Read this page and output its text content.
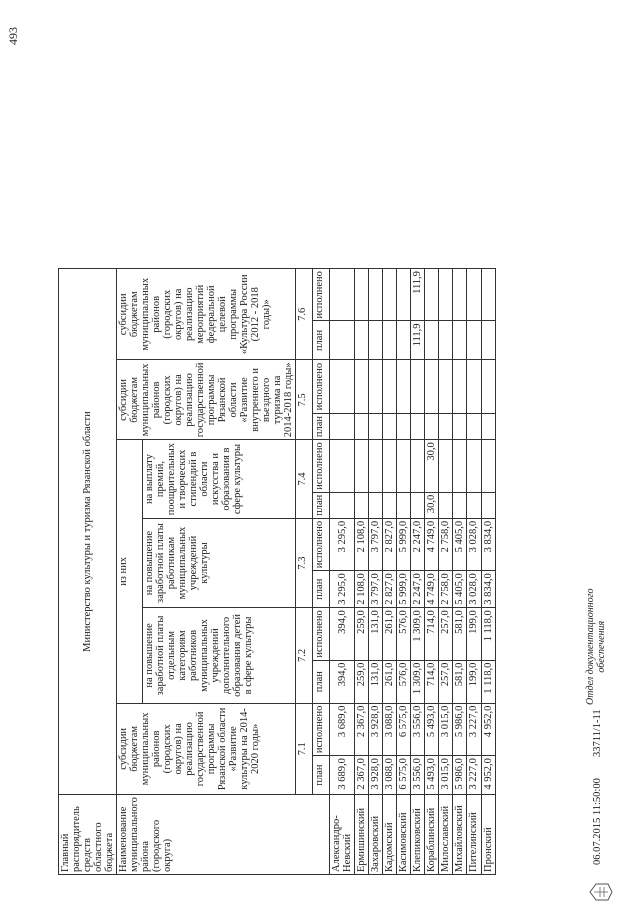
493
Главный распорядитель средств областного бюджета	Министерство культуры и туризма Рязанской области											
Наименование муниципального района (городского округа)	субсидии бюджетам муниципальных районов (городских округов) на реализацию государственной программы Рязанской области «Развитие культуры на 2014-2020 годы»		из них						субсидии бюджетам муниципальных районов (городских округов) на реализацию государственной программы Рязанской области «Развитие внутреннего и въездного туризма на 2014-2018 годы»		субсидии бюджетам муниципальных районов (городских округов) на реализацию мероприятий федеральной целевой программы «Культура России (2012 - 2018 годы)»	
			на повышение заработной платы отдельным категориям работников муниципальных учреждений дополнительного образования детей в сфере культуры		на повышение заработной платы работникам муниципальных учреждений культуры		на выплату премий, поощрительных и творческих стипендий в области искусства и образования в сфере культуры					
	7.1		7.2		7.3		7.4		7.5		7.6	
	план	исполнено	план	исполнено	план	исполнено	план	исполнено	план	исполнено	план	исполнено
Александро-Невский	3 689,0	3 689,0	394,0	394,0	3 295,0	3 295,0						
Ермишинский	2 367,0	2 367,0	259,0	259,0	2 108,0	2 108,0						
Захаровский	3 928,0	3 928,0	131,0	131,0	3 797,0	3 797,0						
Кадомский	3 088,0	3 088,0	261,0	261,0	2 827,0	2 827,0						
Касимовский	6 575,0	6 575,0	576,0	576,0	5 999,0	5 999,0						
Клепиковский	3 556,0	3 556,0	1 309,0	1 309,0	2 247,0	2 247,0					111,9	111,9
Кораблинский	5 493,0	5 493,0	714,0	714,0	4 749,0	4 749,0	30,0	30,0				
Милославский	3 015,0	3 015,0	257,0	257,0	2 758,0	2 758,0						
Михайловский	5 986,0	5 986,0	581,0	581,0	5 405,0	5 405,0						
Пителинский	3 227,0	3 227,0	199,0	199,0	3 028,0	3 028,0						
Пронский	4 952,0	4 952,0	1 118,0	1 118,0	3 834,0	3 834,0						
06.07.2015 11:50:00
33711/1-11
Отдел документационного обеспечения
